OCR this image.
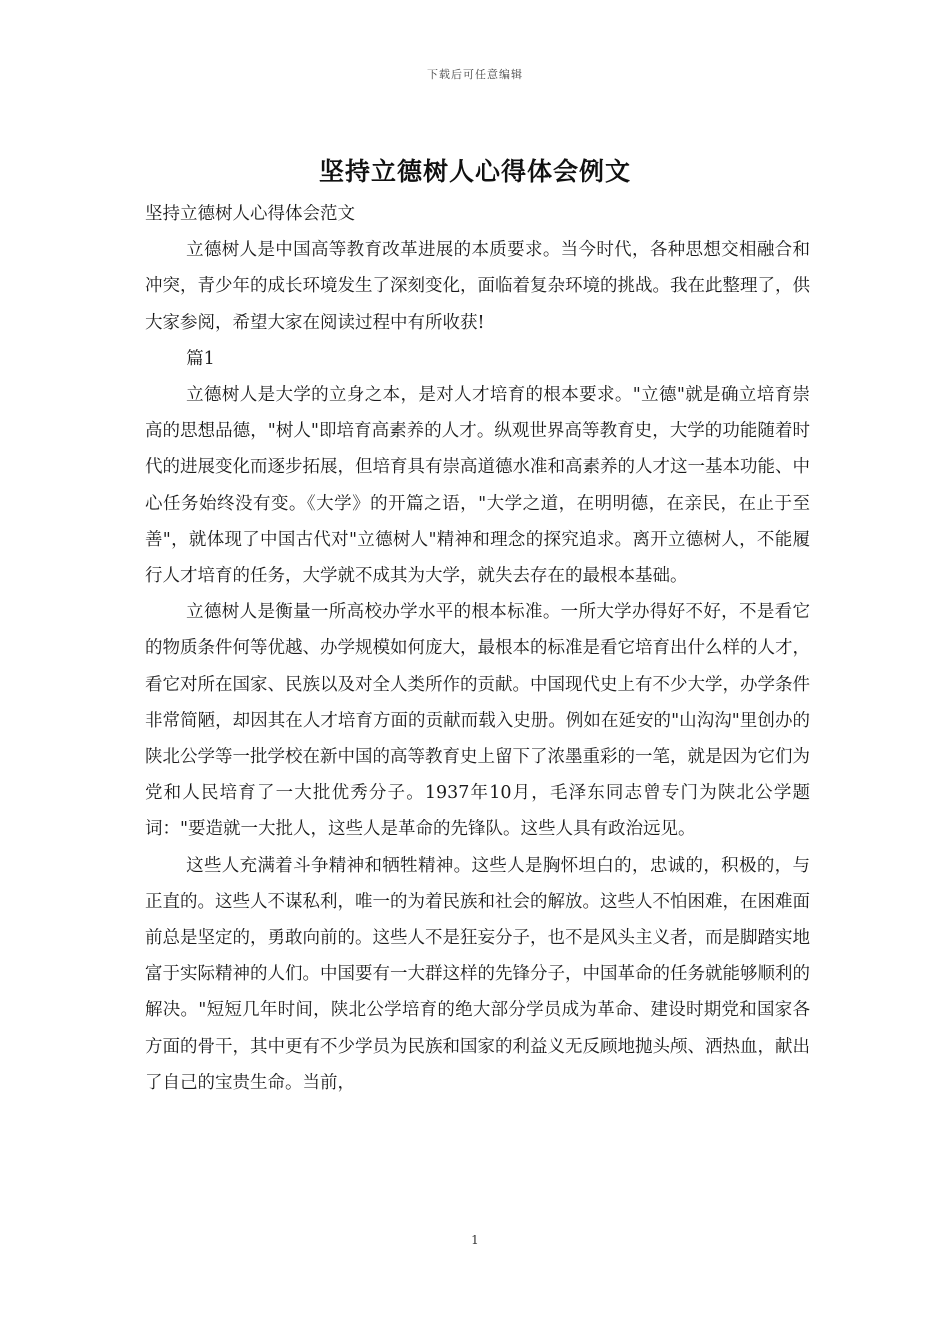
下载后可任意编辑
坚持立德树人心得体会例文

坚持立德树人心得体会范文

立德树人是中国高等教育改革进展的本质要求。当今时代，各种思想交相融合和冲突，青少年的成长环境发生了深刻变化，面临着复杂环境的挑战。我在此整理了，供大家参阅，希望大家在阅读过程中有所收获!

篇1

立德树人是大学的立身之本，是对人才培育的根本要求。"立德"就是确立培育崇高的思想品德，"树人"即培育高素养的人才。纵观世界高等教育史，大学的功能随着时代的进展变化而逐步拓展，但培育具有崇高道德水准和高素养的人才这一基本功能、中心任务始终没有变。《大学》的开篇之语，"大学之道，在明明德，在亲民，在止于至善"，就体现了中国古代对"立德树人"精神和理念的探究追求。离开立德树人，不能履行人才培育的任务，大学就不成其为大学，就失去存在的最根本基础。

立德树人是衡量一所高校办学水平的根本标准。一所大学办得好不好，不是看它的物质条件何等优越、办学规模如何庞大，最根本的标准是看它培育出什么样的人才，看它对所在国家、民族以及对全人类所作的贡献。中国现代史上有不少大学，办学条件非常简陋，却因其在人才培育方面的贡献而载入史册。例如在延安的"山沟沟"里创办的陕北公学等一批学校在新中国的高等教育史上留下了浓墨重彩的一笔，就是因为它们为党和人民培育了一大批优秀分子。1937年10月，毛泽东同志曾专门为陕北公学题词："要造就一大批人，这些人是革命的先锋队。这些人具有政治远见。

这些人充满着斗争精神和牺牲精神。这些人是胸怀坦白的，忠诚的，积极的，与正直的。这些人不谋私利，唯一的为着民族和社会的解放。这些人不怕困难，在困难面前总是坚定的，勇敢向前的。这些人不是狂妄分子，也不是风头主义者，而是脚踏实地富于实际精神的人们。中国要有一大群这样的先锋分子，中国革命的任务就能够顺利的解决。"短短几年时间，陕北公学培育的绝大部分学员成为革命、建设时期党和国家各方面的骨干，其中更有不少学员为民族和国家的利益义无反顾地抛头颅、洒热血，献出了自己的宝贵生命。当前，

1
